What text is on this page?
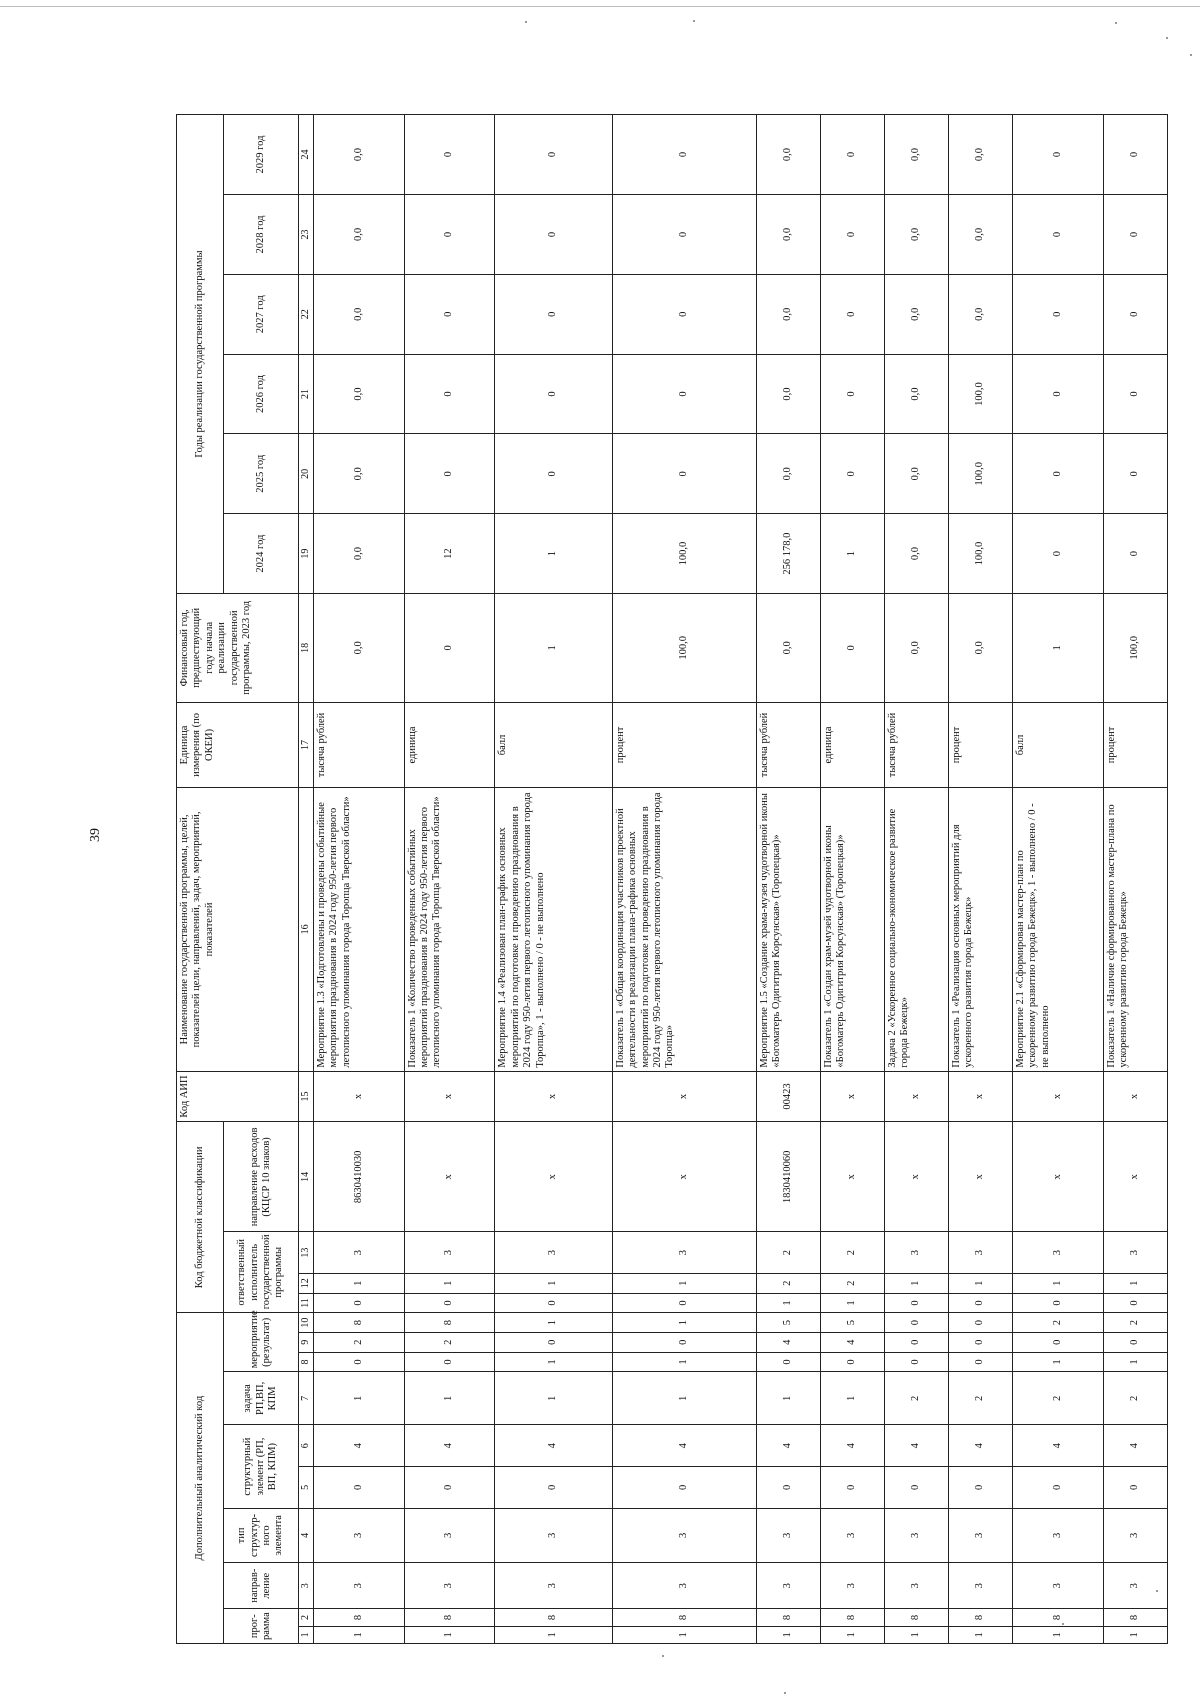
39
Дополнительный аналитический код										Код бюджетной классификации				Код АИП	Наименование государственной программы, целей, показателей цели, направлений, задач, мероприятий, показателей	Единица измерения (по ОКЕИ)	Финансовый год, предшествующий году начала реализации государственной программы, 2023 год	Годы реализации государственной программы					
прог-рамма		направ-ление	тип структур-ного элемента	структурный элемент (РП, ВП, КПМ)		задача РП,ВП, КПМ	мероприятие (результат)			ответственный исполнитель государственной программы			направление расходов (КЦСР 10 знаков)					2024 год	2025 год	2026 год	2027 год	2028 год	2029 год
1	2	3	4	5	6	7	8	9	10	11	12	13	14	15	16	17	18	19	20	21	22	23	24
1	8	3	3	0	4	1	0	2	8	0	1	3	8630410030	x	Мероприятие 1.3 «Подготовлены и проведены событийные мероприятия празднования в 2024 году 950-летия первого летописного упоминания города Торопца Тверской области»	тысяча рублей	0,0	0,0	0,0	0,0	0,0	0,0	0,0
1	8	3	3	0	4	1	0	2	8	0	1	3	x	x	Показатель 1 «Количество проведенных событийных мероприятий празднования в 2024 году 950-летия первого летописного упоминания города Торопца Тверской области»	единица	0	12	0	0	0	0	0
1	8	3	3	0	4	1	1	0	1	0	1	3	x	x	Мероприятие 1.4 «Реализован план-график основных мероприятий по подготовке и проведению празднования в 2024 году 950-летия первого летописного упоминания города Торопца», 1 - выполнено / 0 - не выполнено	балл	1	1	0	0	0	0	0
1	8	3	3	0	4	1	1	0	1	0	1	3	x	x	Показатель 1 «Общая координация участников проектной деятельности в реализации плана-графика основных мероприятий по подготовке и проведению празднования в 2024 году 950-летия первого летописного упоминания города Торопца»	процент	100,0	100,0	0	0	0	0	0
1	8	3	3	0	4	1	0	4	5	1	2	2	1830410060	00423	Мероприятие 1.5 «Создание храма-музея чудотворной иконы «Богоматерь Одигитрия Корсунская» (Торопецкая)»	тысяча рублей	0,0	256 178,0	0,0	0,0	0,0	0,0	0,0
1	8	3	3	0	4	1	0	4	5	1	2	2	x	x	Показатель 1 «Создан храм-музей чудотворной иконы «Богоматерь Одигитрия Корсунская» (Торопецкая)»	единица	0	1	0	0	0	0	0
1	8	3	3	0	4	2	0	0	0	0	1	3	x	x	Задача 2 «Ускоренное социально-экономическое развитие города Бежецк»	тысяча рублей	0,0	0,0	0,0	0,0	0,0	0,0	0,0
1	8	3	3	0	4	2	0	0	0	0	1	3	x	x	Показатель 1 «Реализация основных мероприятий для ускоренного развития города Бежецк»	процент	0,0	100,0	100,0	100,0	0,0	0,0	0,0
1	8	3	3	0	4	2	1	0	2	0	1	3	x	x	Мероприятие 2.1 «Сформирован мастер-план по ускоренному развитию города Бежецк», 1 - выполнено / 0 - не выполнено	балл	1	0	0	0	0	0	0
1	8	3	3	0	4	2	1	0	2	0	1	3	x	x	Показатель 1 «Наличие сформированного мастер-плана по ускоренному развитию города Бежецк»	процент	100,0	0	0	0	0	0	0
